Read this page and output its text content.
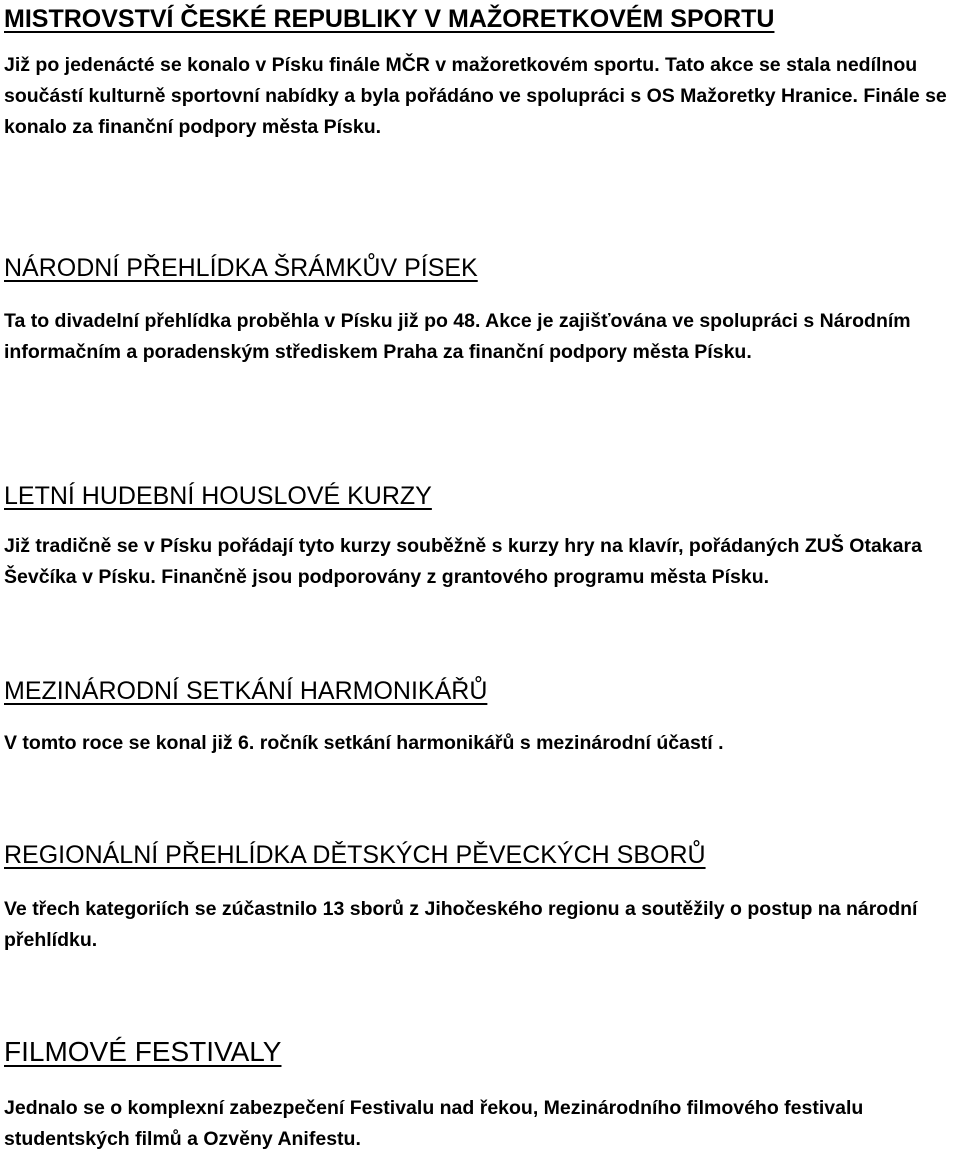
MISTROVSTVÍ ČESKÉ REPUBLIKY V MAŽORETKOVÉM SPORTU

Již po jedenácté se konalo v Písku finále MČR v mažoretkovém sportu. Tato akce se stala nedílnou součástí kulturně sportovní nabídky a byla pořádáno ve spolupráci s OS Mažoretky Hranice. Finále se konalo za finanční podpory města Písku.

NÁRODNÍ PŘEHLÍDKA ŠRÁMKŮV PÍSEK

Ta to divadelní přehlídka proběhla v Písku již po 48. Akce je zajišťována ve spolupráci s Národním informačním a poradenským střediskem Praha za finanční podpory města Písku.

LETNÍ HUDEBNÍ HOUSLOVÉ KURZY

Již tradičně se v Písku pořádají tyto kurzy souběžně s kurzy hry na klavír, pořádaných ZUŠ Otakara Ševčíka v Písku. Finančně jsou podporovány z grantového programu města Písku.

MEZINÁRODNÍ SETKÁNÍ HARMONIKÁŘŮ

V tomto roce se konal již 6. ročník setkání harmonikářů s mezinárodní účastí .

REGIONÁLNÍ PŘEHLÍDKA DĚTSKÝCH PĚVECKÝCH SBORŮ

Ve třech kategoriích se zúčastnilo 13 sborů z Jihočeského regionu a soutěžily o postup na národní přehlídku.

FILMOVÉ FESTIVALY

Jednalo se o komplexní zabezpečení Festivalu nad řekou, Mezinárodního filmového festivalu studentských filmů a Ozvěny Anifestu.
